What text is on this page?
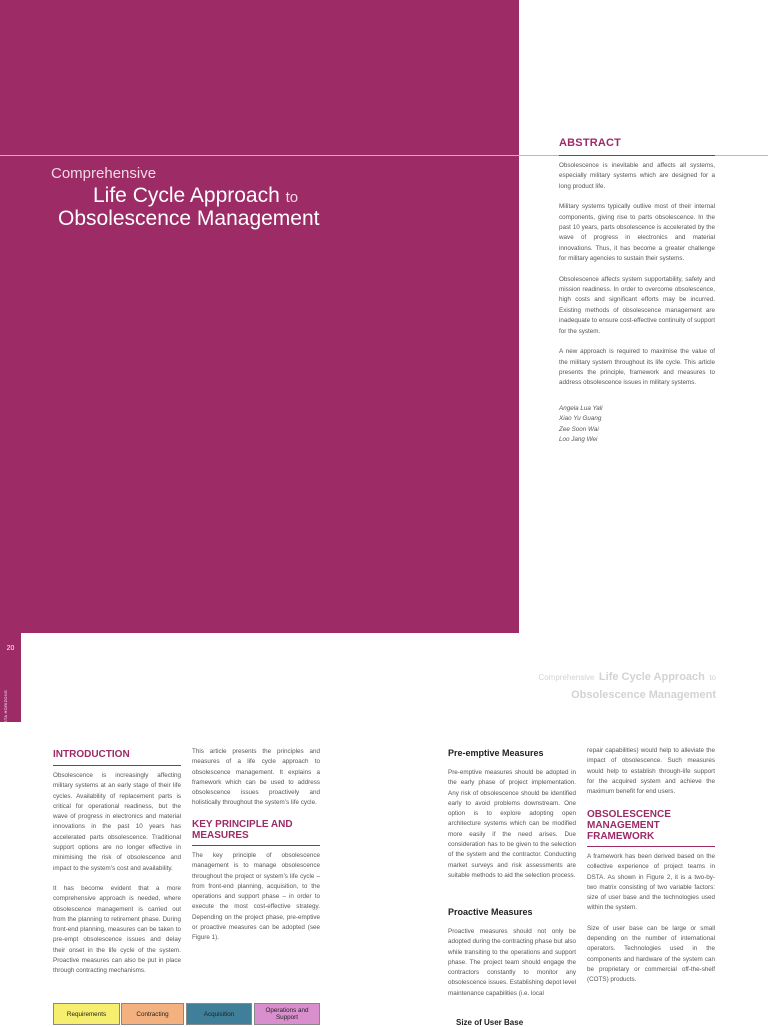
Comprehensive
Life Cycle Approach to
Obsolescence Management
ABSTRACT

Obsolescence is inevitable and affects all systems, especially military systems which are designed for a long product life.

Military systems typically outlive most of their internal components, giving rise to parts obsolescence. In the past 10 years, parts obsolescence is accelerated by the wave of progress in electronics and material innovations. Thus, it has become a greater challenge for military agencies to sustain their systems.

Obsolescence affects system supportability, safety and mission readiness. In order to overcome obsolescence, high costs and significant efforts may be incurred. Existing methods of obsolescence management are inadequate to ensure cost-effective continuity of support for the system.

A new approach is required to maximise the value of the military system throughout its life cycle. This article presents the principle, framework and measures to address obsolescence issues in military systems.

Angela Lua Yali
Xiao Yu Guang
Zee Soon Wai
Loo Jang Wei
20
DSTA HORIZONS
Comprehensive Life Cycle Approach to
Obsolescence Management
INTRODUCTION

Obsolescence is increasingly affecting military systems at an early stage of their life cycles. Availability of replacement parts is critical for operational readiness, but the wave of progress in electronics and material innovations in the past 10 years has accelerated parts obsolescence. Traditional support options are no longer effective in minimising the risk of obsolescence and impact to the system’s cost and availability.

It has become evident that a more comprehensive approach is needed, where obsolescence management is carried out from the planning to retirement phase. During front-end planning, measures can be taken to pre-empt obsolescence issues and delay their onset in the life cycle of the system. Proactive measures can also be put in place through contracting mechanisms.

This article presents the principles and measures of a life cycle approach to obsolescence management. It explains a framework which can be used to address obsolescence issues proactively and holistically throughout the system’s life cycle.
KEY PRINCIPLE AND
MEASURES
The key principle of obsolescence management is to manage obsolescence throughout the project or system’s life cycle – from front-end planning, acquisition, to the operations and support phase – in order to execute the most cost-effective strategy. Depending on the project phase, pre-emptive or proactive measures can be adopted (see Figure 1).
Pre-emptive Measures
Pre-emptive measures should be adopted in the early phase of project implementation. Any risk of obsolescence should be identified early to avoid problems downstream. One option is to explore adopting open architecture systems which can be modified more easily if the need arises. Due consideration has to be given to the selection of the system and the contractor. Conducting market surveys and risk assessments are suitable methods to aid the selection process.
Proactive Measures
Proactive measures should not only be adopted during the contracting phase but also while transiting to the operations and support phase. The project team should engage the contractors constantly to monitor any obsolescence issues. Establishing depot level maintenance capabilities (i.e. local
Size of User Base
repair capabilities) would help to alleviate the impact of obsolescence. Such measures would help to establish through-life support for the acquired system and achieve the maximum benefit for end users.
OBSOLESCENCE
MANAGEMENT
FRAMEWORK

A framework has been derived based on the collective experience of project teams in DSTA. As shown in Figure 2, it is a two-by-two matrix consisting of two variable factors: size of user base and the technologies used within the system.

Size of user base can be large or small depending on the number of international operators. Technologies used in the components and hardware of the system can be proprietary or commercial off-the-shelf (COTS) products.

Requirements	Contracting	Acquisition	Operations and Support
